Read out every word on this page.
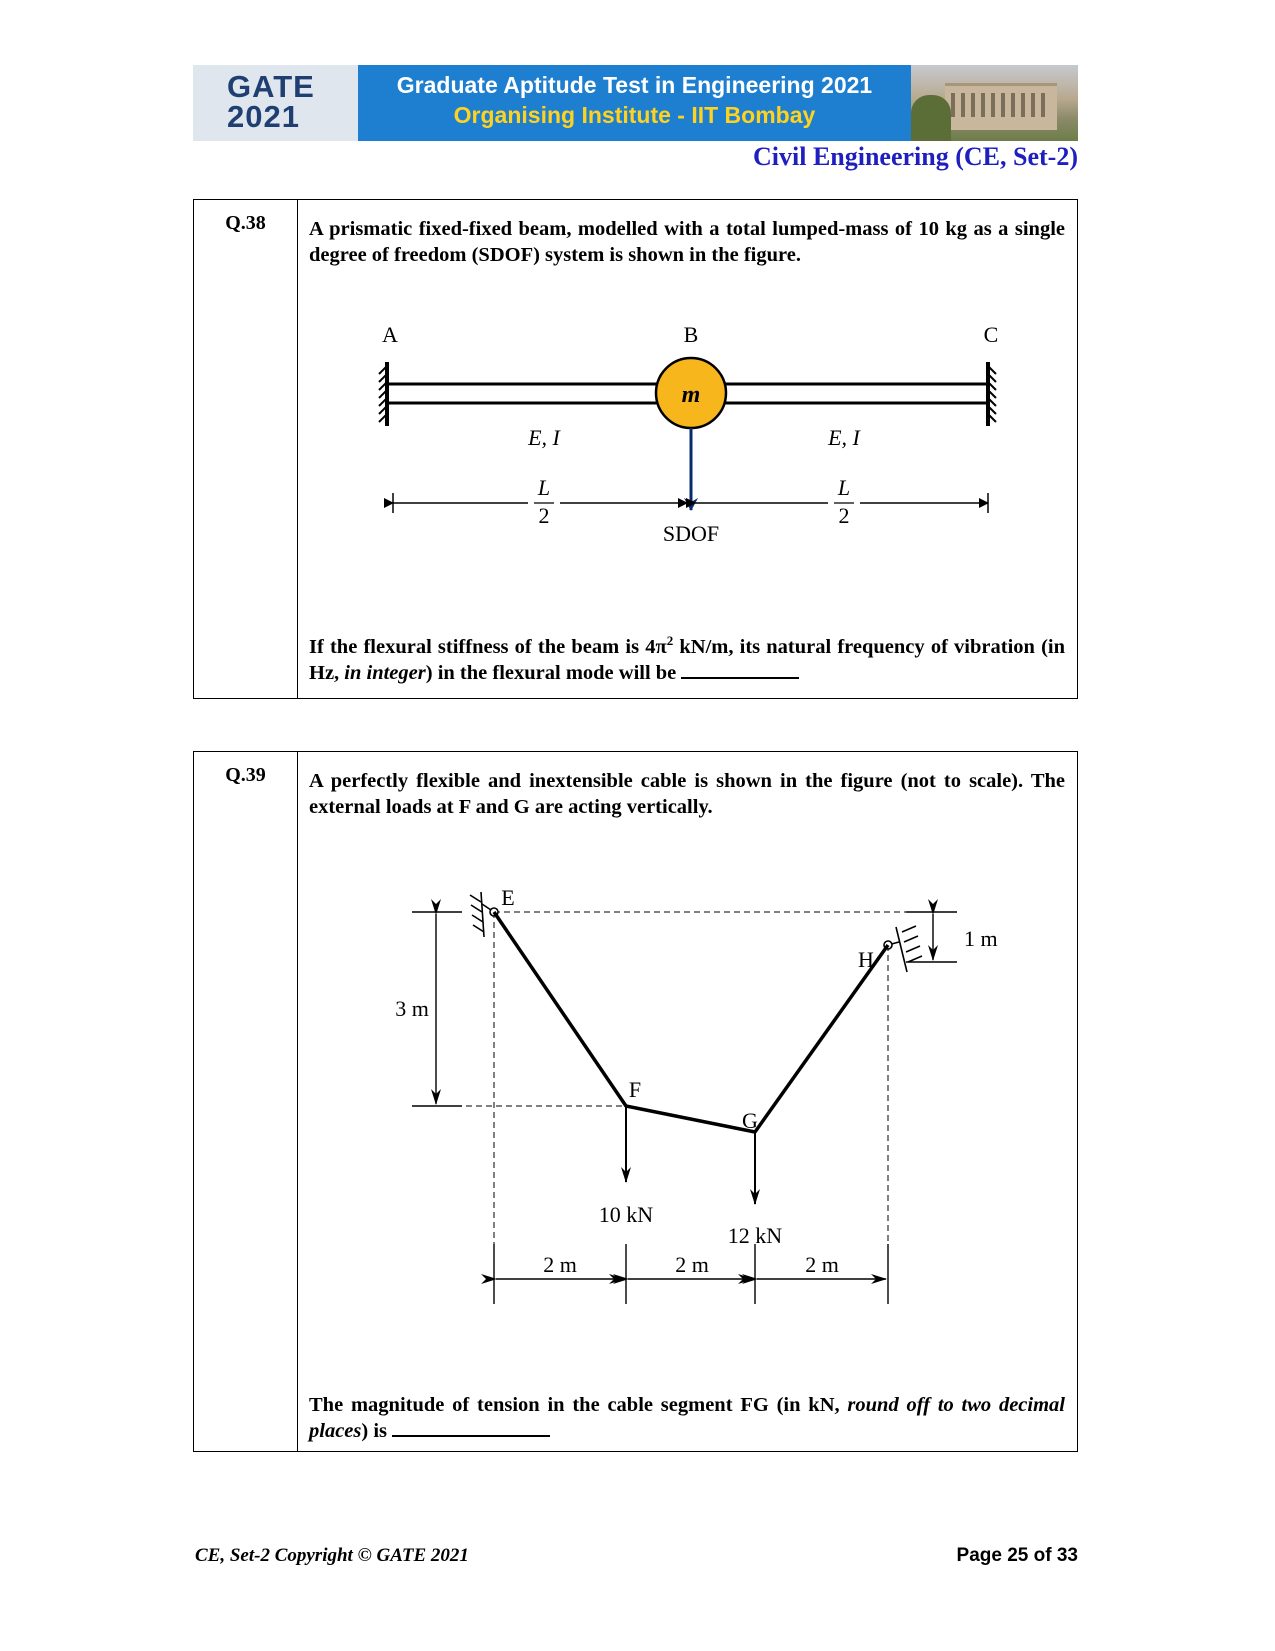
GATE
2021
Graduate Aptitude Test in Engineering 2021
Organising Institute - IIT Bombay
Civil Engineering (CE, Set-2)
Q.38	A prismatic fixed-fixed beam, modelled with a total lumped-mass of 10 kg as a single degree of freedom (SDOF) system is shown in the figure.
m
A	B	C
E, I	E, I
SDOF
L
2
L
2
If the flexural stiffness of the beam is $4\pi^2$ kN/m, its natural frequency of vibration (in Hz, in integer) in the flexural mode will be
Q.39	A perfectly flexible and inextensible cable is shown in the figure (not to scale). The external loads at F and G are acting vertically.
E
F
G
H
10 kN
12 kN
3 m
1 m
2 m	2 m	2 m
The magnitude of tension in the cable segment FG (in kN, round off to two decimal places) is
CE, Set-2 Copyright © GATE 2021	Page 25 of 33
